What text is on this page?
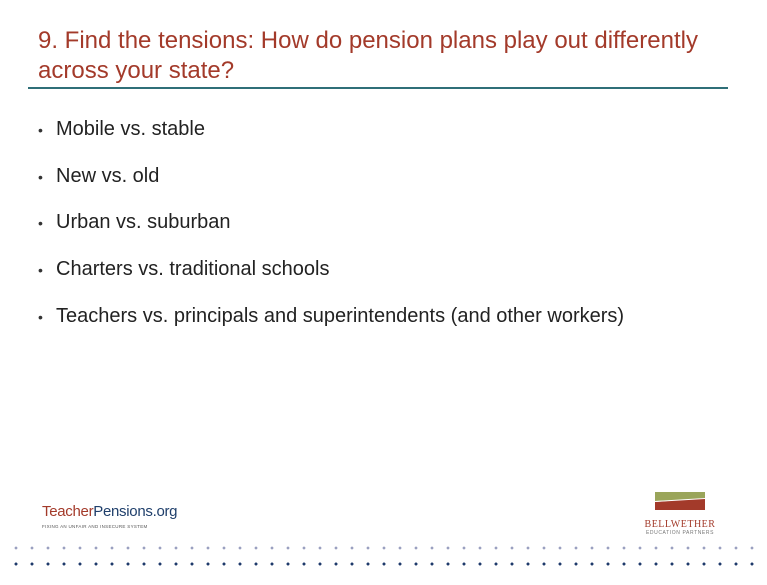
9. Find the tensions: How do pension plans play out differently across your state?
• Mobile vs. stable
• New vs. old
• Urban vs. suburban
• Charters vs. traditional schools
• Teachers vs. principals and superintendents (and other workers)
TeacherPensions.org
FIXING AN UNFAIR AND INSECURE SYSTEM	BELLWETHER
EDUCATION PARTNERS
